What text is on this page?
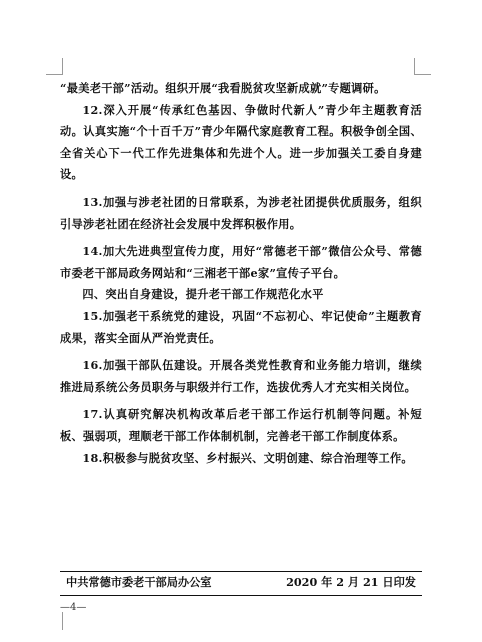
“最美老干部”活动。组织开展“我看脱贫攻坚新成就”专题调研。

12.深入开展“传承红色基因、争做时代新人”青少年主题教育活动。认真实施“个十百千万”青少年隔代家庭教育工程。积极争创全国、全省关心下一代工作先进集体和先进个人。进一步加强关工委自身建设。

13.加强与涉老社团的日常联系，为涉老社团提供优质服务，组织引导涉老社团在经济社会发展中发挥积极作用。

14.加大先进典型宣传力度，用好“常德老干部”微信公众号、常德市委老干部局政务网站和“三湘老干部e家”宣传子平台。

四、突出自身建设，提升老干部工作规范化水平

15.加强老干系统党的建设，巩固“不忘初心、牢记使命”主题教育成果，落实全面从严治党责任。

16.加强干部队伍建设。开展各类党性教育和业务能力培训，继续推进局系统公务员职务与职级并行工作，选拔优秀人才充实相关岗位。

17.认真研究解决机构改革后老干部工作运行机制等问题。补短板、强弱项，理顺老干部工作体制机制，完善老干部工作制度体系。

18.积极参与脱贫攻坚、乡村振兴、文明创建、综合治理等工作。

中共常德市委老干部局办公室	2020 年 2 月 21 日印发
—4—
